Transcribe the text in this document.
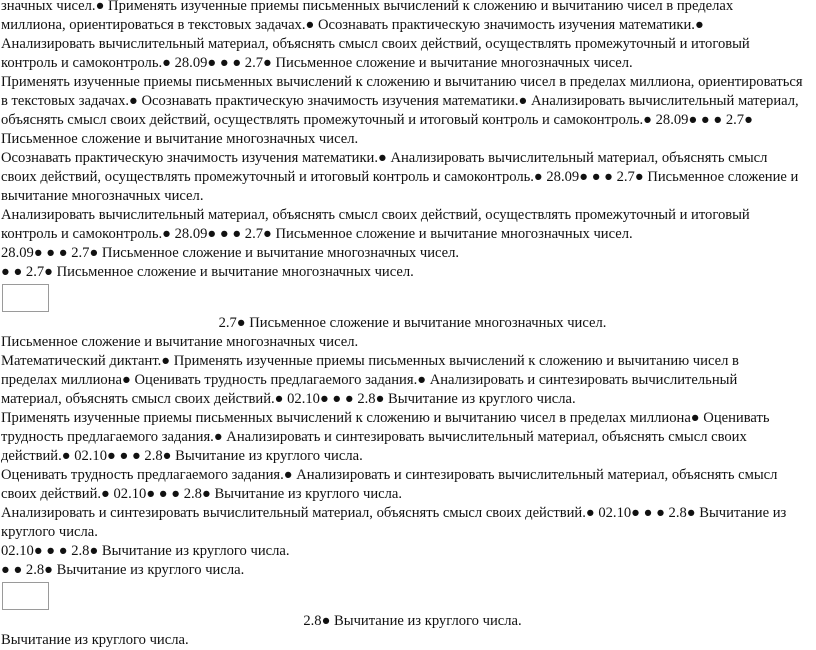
значных чисел.● Применять изученные приемы письменных вычислений к сложению и вычитанию чисел в пределах миллиона, ориентироваться в текстовых задачах.● Осознавать практическую значимость изучения математики.● Анализировать вычислительный материал, объяснять смысл своих действий, осуществлять промежуточный и итоговый контроль и самоконтроль.● 28.09● ● ● 2.7● Письменное сложение и вычитание многозначных чисел.

Применять изученные приемы письменных вычислений к сложению и вычитанию чисел в пределах миллиона, ориентироваться в текстовых задачах.● Осознавать практическую значимость изучения математики.● Анализировать вычислительный материал, объяснять смысл своих действий, осуществлять промежуточный и итоговый контроль и самоконтроль.● 28.09● ● ● 2.7● Письменное сложение и вычитание многозначных чисел.

Осознавать практическую значимость изучения математики.● Анализировать вычислительный материал, объяснять смысл своих действий, осуществлять промежуточный и итоговый контроль и самоконтроль.● 28.09● ● ● 2.7● Письменное сложение и вычитание многозначных чисел.

Анализировать вычислительный материал, объяснять смысл своих действий, осуществлять промежуточный и итоговый контроль и самоконтроль.● 28.09● ● ● 2.7● Письменное сложение и вычитание многозначных чисел.

28.09● ● ● 2.7● Письменное сложение и вычитание многозначных чисел.

● ● 2.7● Письменное сложение и вычитание многозначных чисел.

2.7● Письменное сложение и вычитание многозначных чисел.

Письменное сложение и вычитание многозначных чисел.

Математический диктант.● Применять изученные приемы письменных вычислений к сложению и вычитанию чисел в пределах миллиона● Оценивать трудность предлагаемого задания.● Анализировать и синтезировать вычислительный материал, объяснять смысл своих действий.● 02.10● ● ● 2.8● Вычитание из круглого числа.

Применять изученные приемы письменных вычислений к сложению и вычитанию чисел в пределах миллиона● Оценивать трудность предлагаемого задания.● Анализировать и синтезировать вычислительный материал, объяснять смысл своих действий.● 02.10● ● ● 2.8● Вычитание из круглого числа.

Оценивать трудность предлагаемого задания.● Анализировать и синтезировать вычислительный материал, объяснять смысл своих действий.● 02.10● ● ● 2.8● Вычитание из круглого числа.

Анализировать и синтезировать вычислительный материал, объяснять смысл своих действий.● 02.10● ● ● 2.8● Вычитание из круглого числа.

02.10● ● ● 2.8● Вычитание из круглого числа.

● ● 2.8● Вычитание из круглого числа.

2.8● Вычитание из круглого числа.

Вычитание из круглого числа.
